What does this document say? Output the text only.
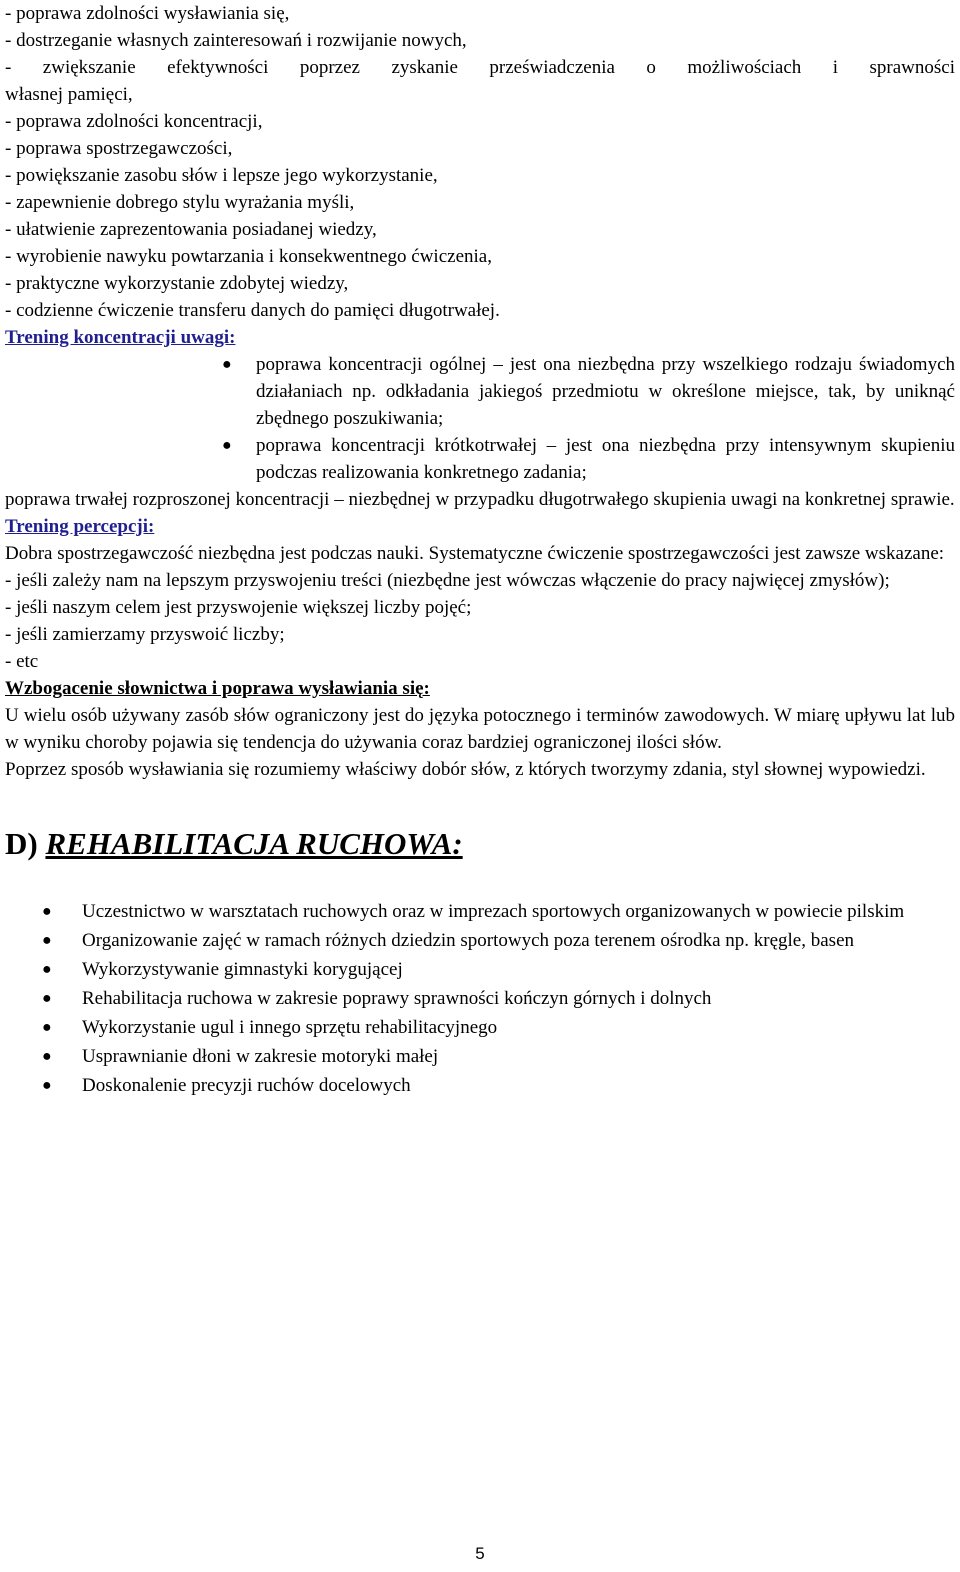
- poprawa zdolności wysławiania się,
- dostrzeganie własnych zainteresowań i rozwijanie nowych,
- zwiększanie efektywności poprzez zyskanie przeświadczenia o możliwościach i sprawności
własnej pamięci,
- poprawa zdolności koncentracji,
- poprawa spostrzegawczości,
- powiększanie zasobu słów i lepsze jego wykorzystanie,
- zapewnienie dobrego stylu wyrażania myśli,
- ułatwienie zaprezentowania posiadanej wiedzy,
- wyrobienie nawyku powtarzania i konsekwentnego ćwiczenia,
- praktyczne wykorzystanie zdobytej wiedzy,
- codzienne ćwiczenie transferu danych do pamięci długotrwałej.
Trening koncentracji uwagi:
● poprawa koncentracji ogólnej – jest ona niezbędna przy wszelkiego rodzaju świadomych działaniach np. odkładania jakiegoś przedmiotu w określone miejsce, tak, by uniknąć zbędnego poszukiwania;
● poprawa koncentracji krótkotrwałej – jest ona niezbędna przy intensywnym skupieniu podczas realizowania konkretnego zadania;
poprawa trwałej rozproszonej koncentracji – niezbędnej w przypadku długotrwałego skupienia uwagi na konkretnej sprawie.
Trening percepcji:
Dobra spostrzegawczość niezbędna jest podczas nauki. Systematyczne ćwiczenie spostrzegawczości jest zawsze wskazane:
- jeśli zależy nam na lepszym przyswojeniu treści (niezbędne jest wówczas włączenie do pracy najwięcej zmysłów);
- jeśli naszym celem jest przyswojenie większej liczby pojęć;
- jeśli zamierzamy przyswoić liczby;
- etc
Wzbogacenie słownictwa i poprawa wysławiania się:
U wielu osób używany zasób słów ograniczony jest do języka potocznego i terminów zawodowych. W miarę upływu lat lub w wyniku choroby pojawia się tendencja do używania coraz bardziej ograniczonej ilości słów.
Poprzez sposób wysławiania się rozumiemy właściwy dobór słów, z których tworzymy zdania, styl słownej wypowiedzi.
D) REHABILITACJA RUCHOWA:
● Uczestnictwo w warsztatach ruchowych oraz w imprezach sportowych organizowanych w powiecie pilskim
● Organizowanie zajęć w ramach różnych dziedzin sportowych poza terenem ośrodka np. kręgle, basen
● Wykorzystywanie gimnastyki korygującej
● Rehabilitacja ruchowa w zakresie poprawy sprawności kończyn górnych i dolnych
● Wykorzystanie ugul i innego sprzętu rehabilitacyjnego
● Usprawnianie dłoni w zakresie motoryki małej
● Doskonalenie precyzji ruchów docelowych
5
